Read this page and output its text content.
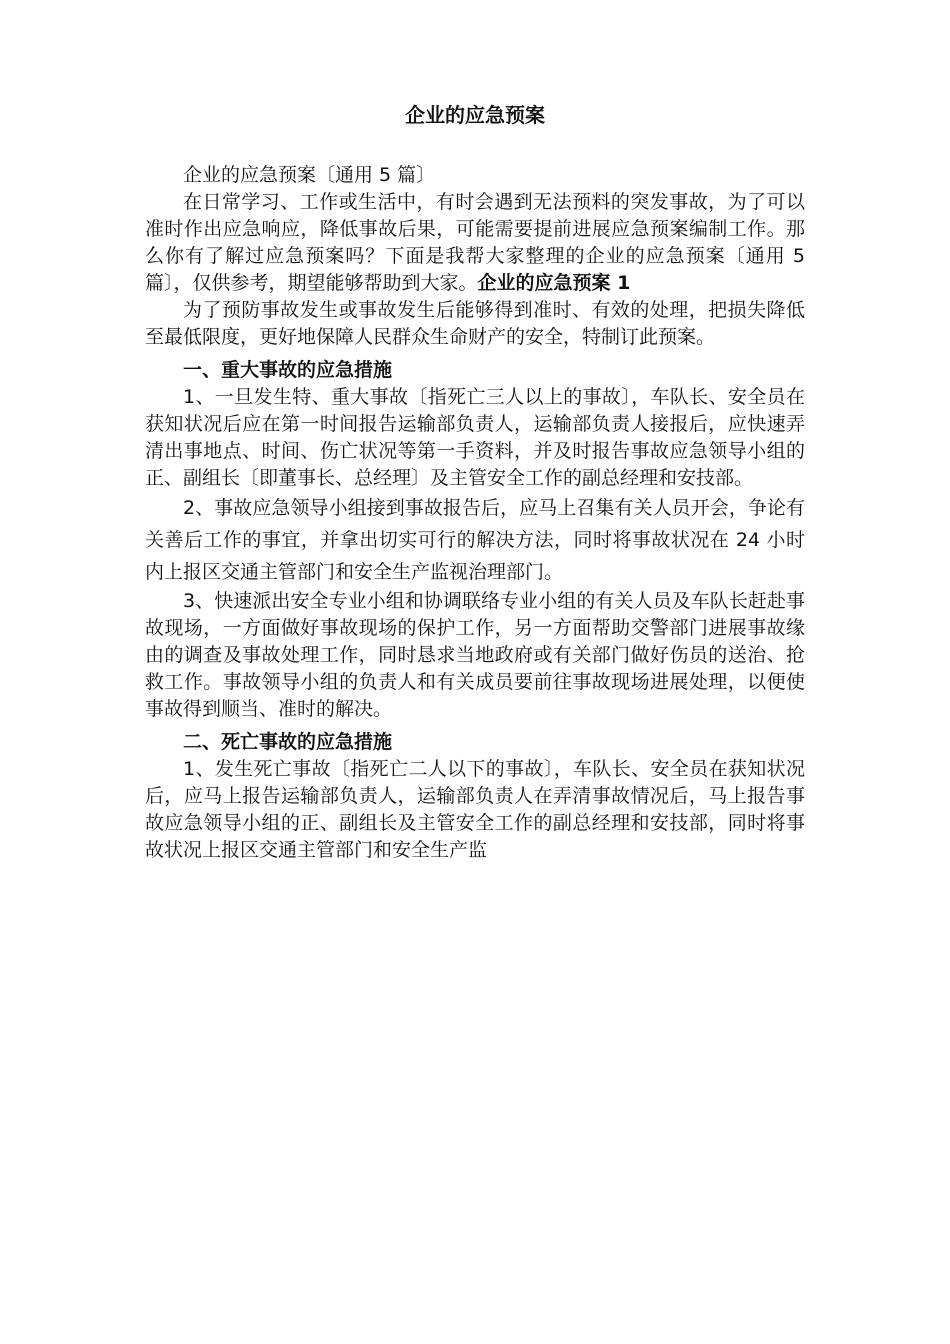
企业的应急预案

企业的应急预案〔通用 5 篇〕

在日常学习、工作或生活中，有时会遇到无法预料的突发事故，为了可以准时作出应急响应，降低事故后果，可能需要提前进展应急预案编制工作。那么你有了解过应急预案吗？下面是我帮大家整理的企业的应急预案〔通用 5 篇〕，仅供参考，期望能够帮助到大家。企业的应急预案 1

为了预防事故发生或事故发生后能够得到准时、有效的处理，把损失降低至最低限度，更好地保障人民群众生命财产的安全，特制订此预案。

一、重大事故的应急措施

1、一旦发生特、重大事故〔指死亡三人以上的事故〕，车队长、安全员在获知状况后应在第一时间报告运输部负责人，运输部负责人接报后，应快速弄清出事地点、时间、伤亡状况等第一手资料，并及时报告事故应急领导小组的正、副组长〔即董事长、总经理〕及主管安全工作的副总经理和安技部。

2、事故应急领导小组接到事故报告后，应马上召集有关人员开会，争论有关善后工作的事宜，并拿出切实可行的解决方法，同时将事故状况在 24 小时内上报区交通主管部门和安全生产监视治理部门。

3、快速派出安全专业小组和协调联络专业小组的有关人员及车队长赶赴事故现场，一方面做好事故现场的保护工作，另一方面帮助交警部门进展事故缘由的调查及事故处理工作，同时恳求当地政府或有关部门做好伤员的送治、抢救工作。事故领导小组的负责人和有关成员要前往事故现场进展处理，以便使事故得到顺当、准时的解决。

二、死亡事故的应急措施

1、发生死亡事故〔指死亡二人以下的事故〕，车队长、安全员在获知状况后，应马上报告运输部负责人，运输部负责人在弄清事故情况后，马上报告事故应急领导小组的正、副组长及主管安全工作的副总经理和安技部，同时将事故状况上报区交通主管部门和安全生产监
